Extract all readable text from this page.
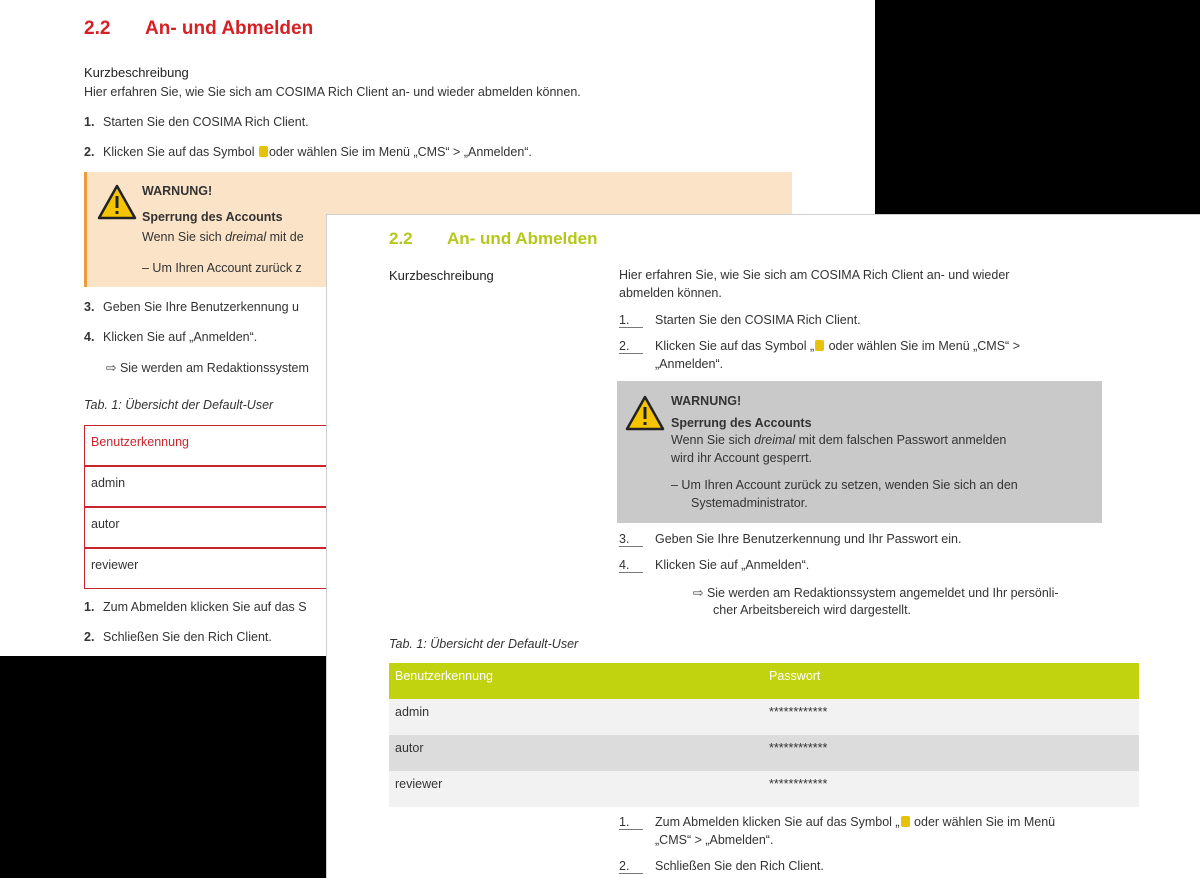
2.2 An- und Abmelden
Kurzbeschreibung
Hier erfahren Sie, wie Sie sich am COSIMA Rich Client an- und wieder abmelden können.
1. Starten Sie den COSIMA Rich Client.
2. Klicken Sie auf das Symbol oder wählen Sie im Menü „CMS“ > „Anmelden“.
WARNUNG!
Sperrung des Accounts
Wenn Sie sich dreimal mit de
– Um Ihren Account zurück z
3. Geben Sie Ihre Benutzerkennung u
4. Klicken Sie auf „Anmelden“.
⇨ Sie werden am Redaktionssystem
Tab. 1: Übersicht der Default-User
Benutzerkennung
admin
autor
reviewer
1. Zum Abmelden klicken Sie auf das S
2. Schließen Sie den Rich Client.
2.2 An- und Abmelden
Kurzbeschreibung	Hier erfahren Sie, wie Sie sich am COSIMA Rich Client an- und wieder
abmelden können.
1.	Starten Sie den COSIMA Rich Client.
2.	Klicken Sie auf das Symbol „ oder wählen Sie im Menü „CMS“ >
„Anmelden“.
WARNUNG!
Sperrung des Accounts
Wenn Sie sich dreimal mit dem falschen Passwort anmelden
wird ihr Account gesperrt.
– Um Ihren Account zurück zu setzen, wenden Sie sich an den
Systemadministrator.
3.	Geben Sie Ihre Benutzerkennung und Ihr Passwort ein.
4.	Klicken Sie auf „Anmelden“.
⇨ Sie werden am Redaktionssystem angemeldet und Ihr persönli-
cher Arbeitsbereich wird dargestellt.
Tab. 1: Übersicht der Default-User
Benutzerkennung	Passwort
admin	************
autor	************
reviewer	************
1.	Zum Abmelden klicken Sie auf das Symbol „ oder wählen Sie im Menü
„CMS“ > „Abmelden“.
2.	Schließen Sie den Rich Client.
